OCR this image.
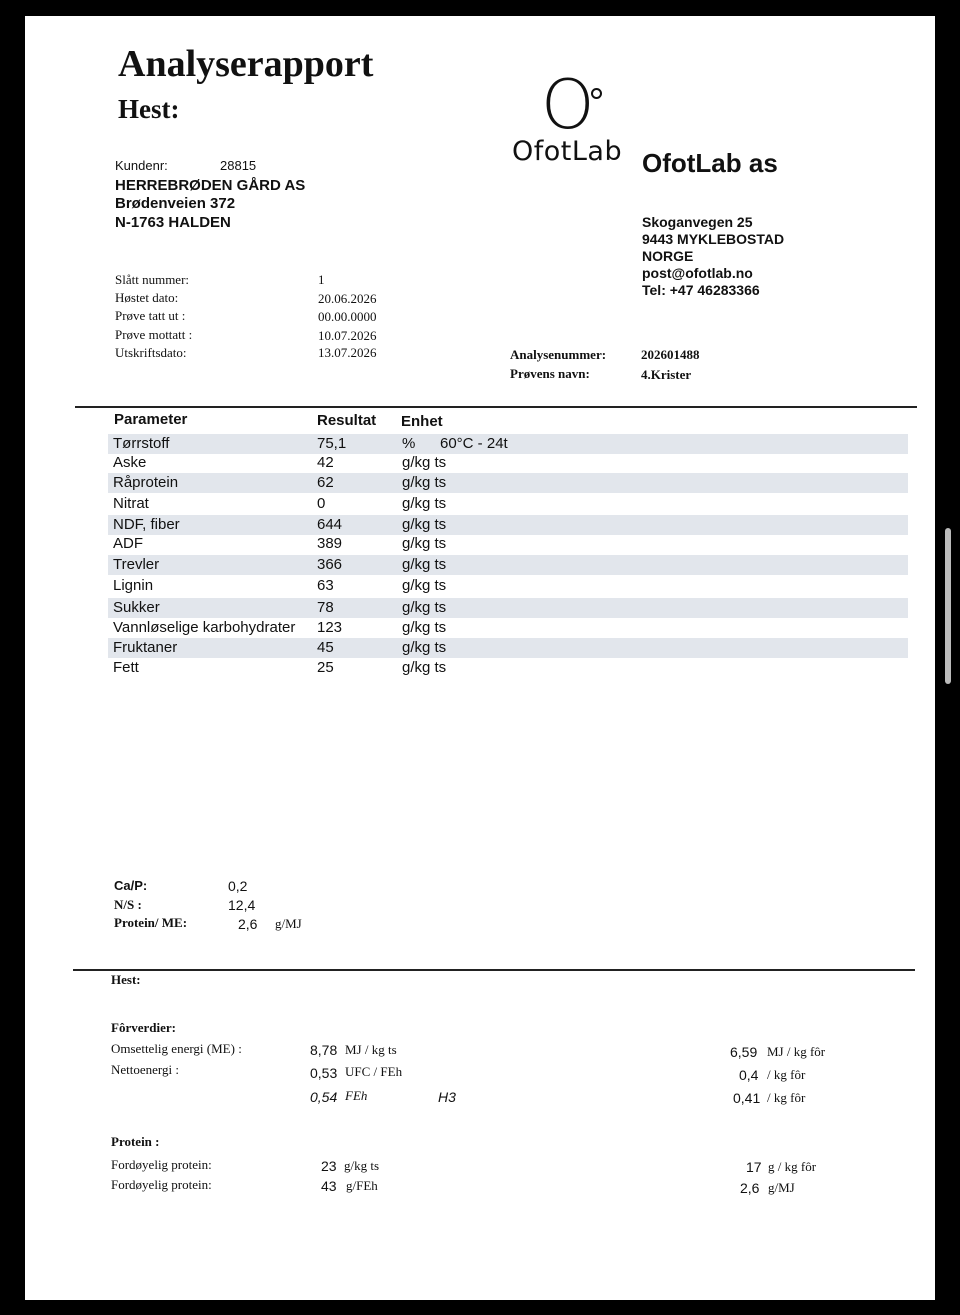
Analyserapport
Hest:	O
OfotLab OfotLab as
Kundenr:	28815
HERREBRØDEN GÅRD AS
Brødenveien 372
N-1763 HALDEN	Skoganvegen 25
9443 MYKLEBOSTAD
NORGE
post@ofotlab.no
Tel: +47 46283366
Slått nummer:	1
Høstet dato:	20.06.2026
Prøve tatt ut :	00.00.0000
Prøve mottatt :	10.07.2026
Utskriftsdato:	13.07.2026	Analysenummer:	202601488
Prøvens navn:	4.Krister
Parameter	Resultat Enhet
Tørrstoff	75,1	% 60°C - 24t
Aske	42	g/kg ts
Råprotein	62	g/kg ts
Nitrat	0	g/kg ts
NDF, fiber	644	g/kg ts
ADF	389	g/kg ts
Trevler	366	g/kg ts
Lignin	63	g/kg ts
Sukker	78	g/kg ts
Vannløselige karbohydrater 123	g/kg ts
Fruktaner	45	g/kg ts
Fett	25	g/kg ts
Ca/P:	0,2
N/S :	12,4
Protein/ ME:	2,6 g/MJ
Hest:
Fôrverdier:
Omsettelig energi (ME) :	8,78 MJ / kg ts	6,59 MJ / kg fôr
Nettoenergi :	0,53 UFC / FEh	0,4 / kg fôr
0,54 FEh	H3	0,41 / kg fôr
Protein :
Fordøyelig protein:	23 g/kg ts	17 g / kg fôr
Fordøyelig protein:	43 g/FEh	2,6 g/MJ
